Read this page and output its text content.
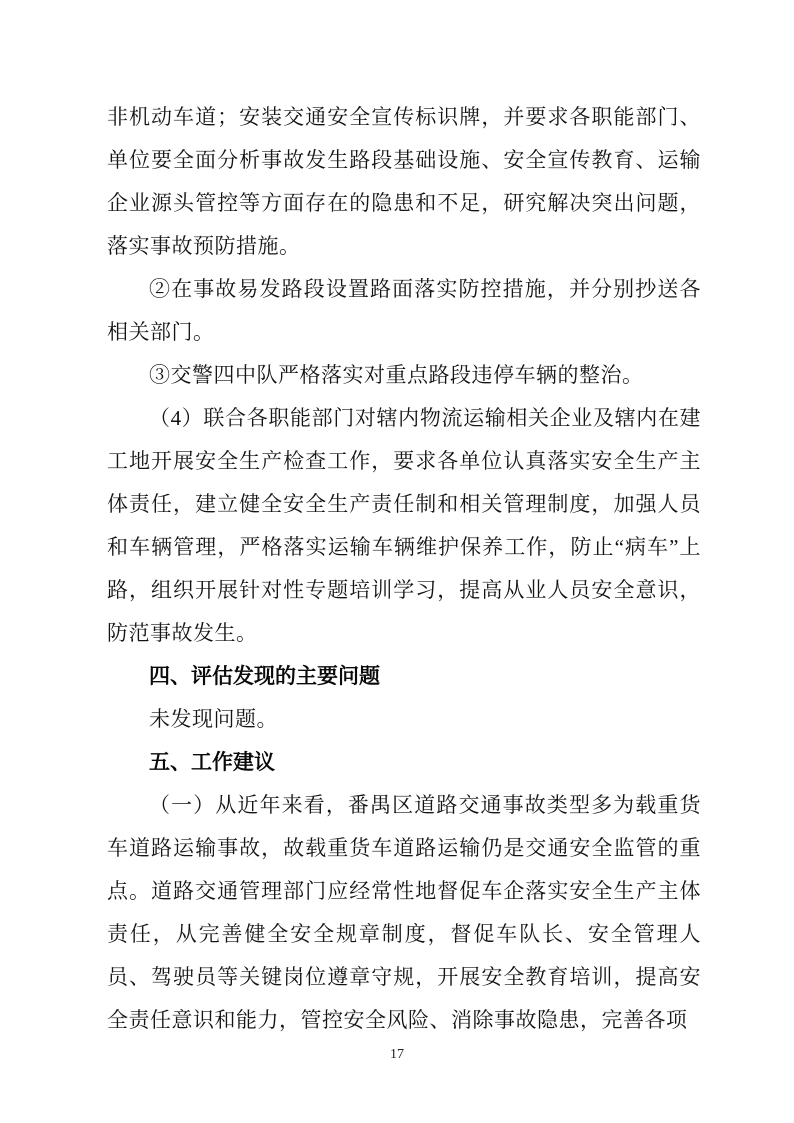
非机动车道；安装交通安全宣传标识牌，并要求各职能部门、单位要全面分析事故发生路段基础设施、安全宣传教育、运输企业源头管控等方面存在的隐患和不足，研究解决突出问题，落实事故预防措施。

②在事故易发路段设置路面落实防控措施，并分别抄送各相关部门。

③交警四中队严格落实对重点路段违停车辆的整治。

（4）联合各职能部门对辖内物流运输相关企业及辖内在建工地开展安全生产检查工作，要求各单位认真落实安全生产主体责任，建立健全安全生产责任制和相关管理制度，加强人员和车辆管理，严格落实运输车辆维护保养工作，防止“病车”上路，组织开展针对性专题培训学习，提高从业人员安全意识，防范事故发生。

四、评估发现的主要问题

未发现问题。

五、工作建议

（一）从近年来看，番禺区道路交通事故类型多为载重货车道路运输事故，故载重货车道路运输仍是交通安全监管的重点。道路交通管理部门应经常性地督促车企落实安全生产主体责任，从完善健全安全规章制度，督促车队长、安全管理人员、驾驶员等关键岗位遵章守规，开展安全教育培训，提高安全责任意识和能力，管控安全风险、消除事故隐患，完善各项

17
